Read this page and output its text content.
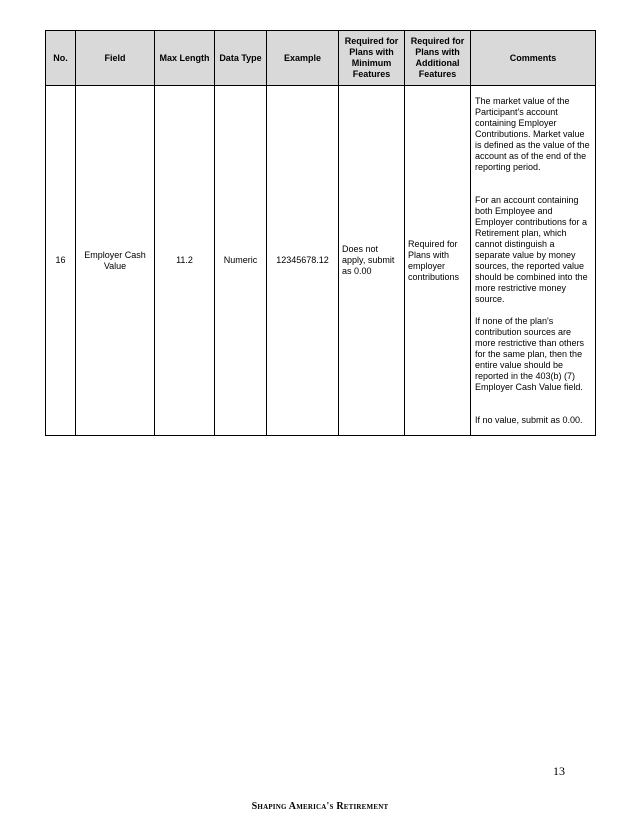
No.	Field	Max Length	Data Type	Example	Required for Plans with Minimum Features	Required for Plans with Additional Features	Comments
16	Employer Cash Value	11.2	Numeric	12345678.12	Does not apply, submit as 0.00	Required for Plans with employer contributions	The market value of the Participant's account containing Employer Contributions. Market value is defined as the value of the account as of the end of the reporting period.

For an account containing both Employee and Employer contributions for a Retirement plan, which cannot distinguish a separate value by money sources, the reported value should be combined into the more restrictive money source.

If none of the plan's contribution sources are more restrictive than others for the same plan, then the entire value should be reported in the 403(b) (7) Employer Cash Value field.

If no value, submit as 0.00.

13
Shaping America's Retirement
